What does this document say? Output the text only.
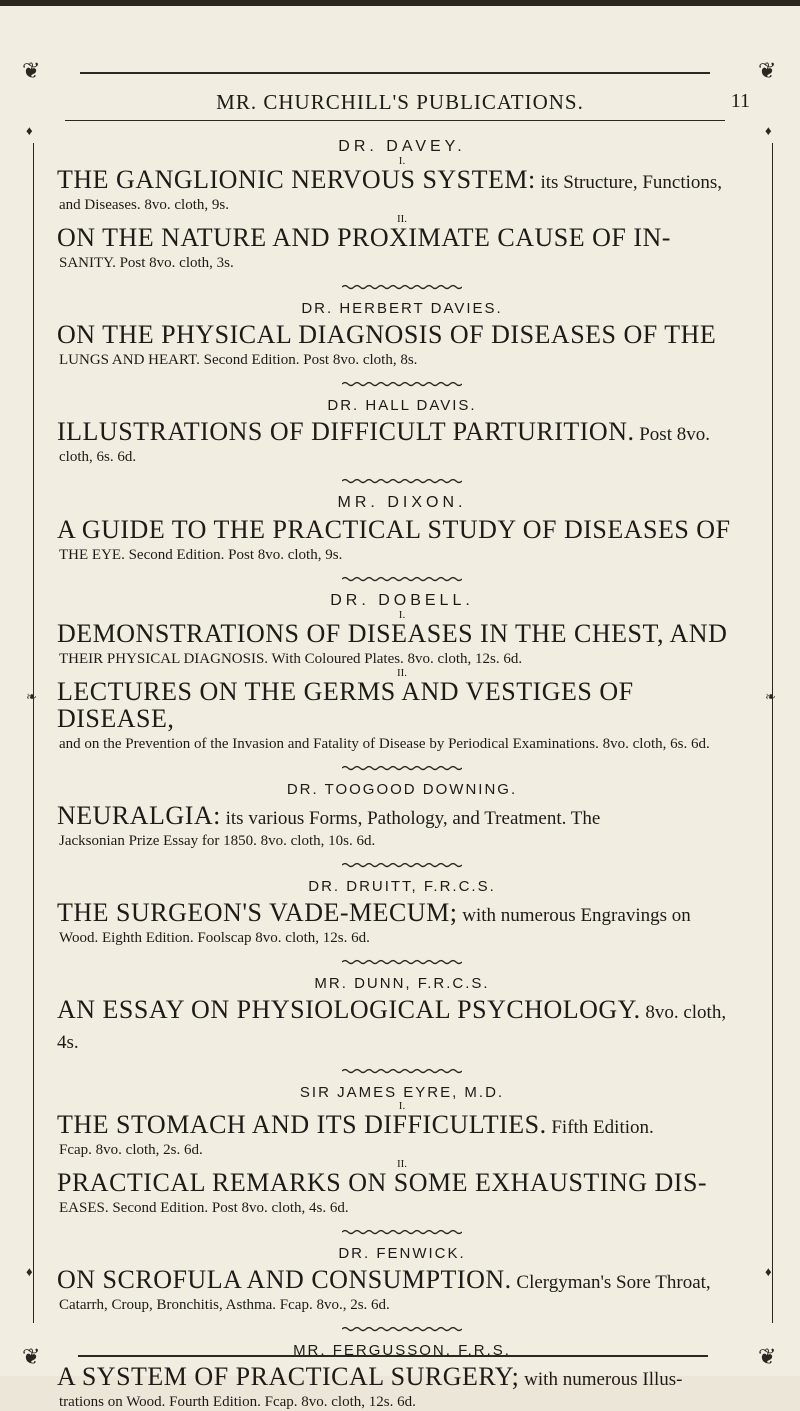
❦	❦
❦	❦
♦	♦
❧	❧
♦	♦
MR. CHURCHILL'S PUBLICATIONS.	11
DR. DAVEY.

I.

THE GANGLIONIC NERVOUS SYSTEM: its Structure, Functions,

and Diseases. 8vo. cloth, 9s.

II.

ON THE NATURE AND PROXIMATE CAUSE OF IN-

SANITY. Post 8vo. cloth, 3s.

DR. HERBERT DAVIES.

ON THE PHYSICAL DIAGNOSIS OF DISEASES OF THE

LUNGS AND HEART. Second Edition. Post 8vo. cloth, 8s.

DR. HALL DAVIS.

ILLUSTRATIONS OF DIFFICULT PARTURITION. Post 8vo.

cloth, 6s. 6d.

MR. DIXON.

A GUIDE TO THE PRACTICAL STUDY OF DISEASES OF

THE EYE. Second Edition. Post 8vo. cloth, 9s.

DR. DOBELL.

I.

DEMONSTRATIONS OF DISEASES IN THE CHEST, AND

THEIR PHYSICAL DIAGNOSIS. With Coloured Plates. 8vo. cloth, 12s. 6d.

II.

LECTURES ON THE GERMS AND VESTIGES OF DISEASE,

and on the Prevention of the Invasion and Fatality of Disease by Periodical Examinations. 8vo. cloth, 6s. 6d.

DR. TOOGOOD DOWNING.

NEURALGIA: its various Forms, Pathology, and Treatment. The

Jacksonian Prize Essay for 1850. 8vo. cloth, 10s. 6d.

DR. DRUITT, F.R.C.S.

THE SURGEON'S VADE-MECUM; with numerous Engravings on

Wood. Eighth Edition. Foolscap 8vo. cloth, 12s. 6d.

MR. DUNN, F.R.C.S.

AN ESSAY ON PHYSIOLOGICAL PSYCHOLOGY. 8vo. cloth, 4s.

SIR JAMES EYRE, M.D.

I.

THE STOMACH AND ITS DIFFICULTIES. Fifth Edition.

Fcap. 8vo. cloth, 2s. 6d.

II.

PRACTICAL REMARKS ON SOME EXHAUSTING DIS-

EASES. Second Edition. Post 8vo. cloth, 4s. 6d.

DR. FENWICK.

ON SCROFULA AND CONSUMPTION. Clergyman's Sore Throat,

Catarrh, Croup, Bronchitis, Asthma. Fcap. 8vo., 2s. 6d.

MR. FERGUSSON, F.R.S.

A SYSTEM OF PRACTICAL SURGERY; with numerous Illus-

trations on Wood. Fourth Edition. Fcap. 8vo. cloth, 12s. 6d.
